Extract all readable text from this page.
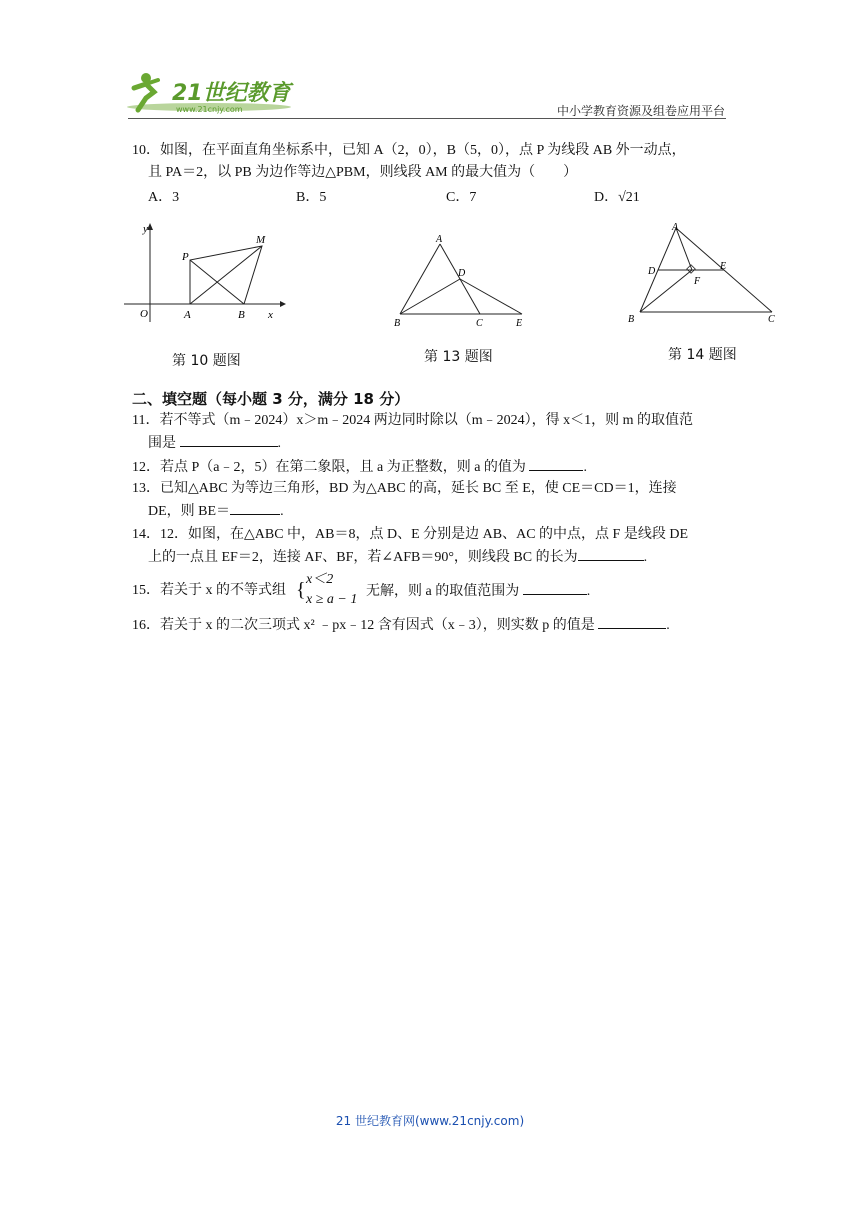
21世纪教育
www.21cnjy.com	中小学教育资源及组卷应用平台
10．如图，在平面直角坐标系中，已知 A（2，0），B（5，0），点 P 为线段 AB 外一动点，
且 PA＝2，以 PB 为边作等边△PBM，则线段 AM 的最大值为（　　）
A．3	B．5	C．7	D．√21
y
x
O	A	B
P
M
第 10 题图
A
B	C
D
E
第 13 题图
A
B	C
D	E
F
第 14 题图
二、填空题（每小题 3 分，满分 18 分）
11．若不等式（m﹣2024）x＞m﹣2024 两边同时除以（m﹣2024），得 x＜1，则 m 的取值范
围是	.
12．若点 P（a﹣2，5）在第二象限，且 a 为正整数，则 a 的值为	.
13．已知△ABC 为等边三角形，BD 为△ABC 的高，延长 BC 至 E，使 CE＝CD＝1，连接
DE，则 BE＝	.
14．12．如图，在△ABC 中，AB＝8，点 D、E 分别是边 AB、AC 的中点，点 F 是线段 DE
上的一点且 EF＝2，连接 AF、BF，若∠AFB＝90°，则线段 BC 的长为	.
15．若关于 x 的不等式组 { x＜2
x ≥ a − 1
无解，则 a 的取值范围为	.
16．若关于 x 的二次三项式 x² ﹣px﹣12 含有因式（x﹣3），则实数 p 的值是	.
21 世纪教育网(www.21cnjy.com)
